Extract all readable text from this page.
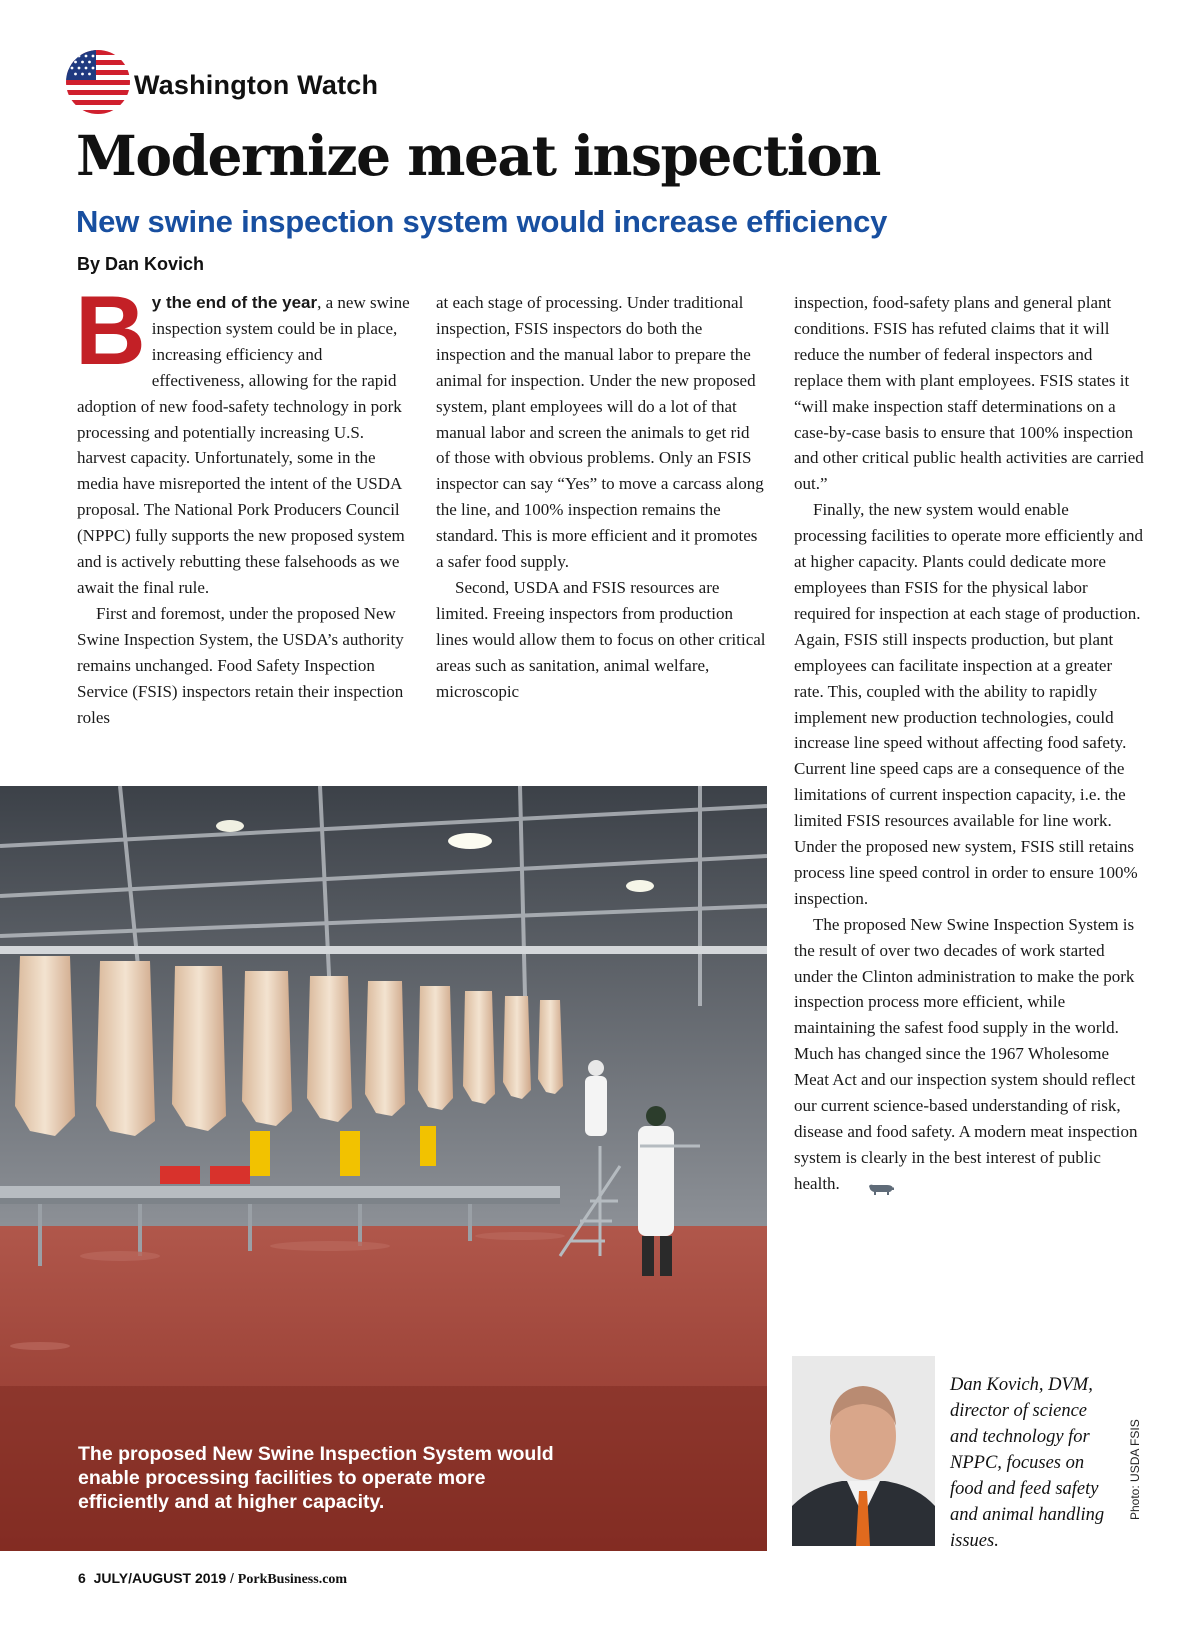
Washington Watch
Modernize meat inspection
New swine inspection system would increase efficiency
By Dan Kovich

By the end of the year, a new swine inspection system could be in place, increasing efficiency and effectiveness, allowing for the rapid adoption of new food-safety technology in pork processing and potentially increasing U.S. harvest capacity. Unfortunately, some in the media have misreported the intent of the USDA proposal. The National Pork Producers Council (NPPC) fully supports the new proposed system and is actively rebutting these falsehoods as we await the final rule.

First and foremost, under the proposed New Swine Inspection System, the USDA’s authority remains unchanged. Food Safety Inspection Service (FSIS) inspectors retain their inspection roles

at each stage of processing. Under traditional inspection, FSIS inspectors do both the inspection and the manual labor to prepare the animal for inspection. Under the new proposed system, plant employees will do a lot of that manual labor and screen the animals to get rid of those with obvious problems. Only an FSIS inspector can say “Yes” to move a carcass along the line, and 100% inspection remains the standard. This is more efficient and it promotes a safer food supply.

Second, USDA and FSIS resources are limited. Freeing inspectors from production lines would allow them to focus on other critical areas such as sanitation, animal welfare, microscopic

inspection, food-safety plans and general plant conditions. FSIS has refuted claims that it will reduce the number of federal inspectors and replace them with plant employees. FSIS states it “will make inspection staff determinations on a case-by-case basis to ensure that 100% inspection and other critical public health activities are carried out.”

Finally, the new system would enable processing facilities to operate more efficiently and at higher capacity. Plants could dedicate more employees than FSIS for the physical labor required for inspection at each stage of production. Again, FSIS still inspects production, but plant employees can facilitate inspection at a greater rate. This, coupled with the ability to rapidly implement new production technologies, could increase line speed without affecting food safety. Current line speed caps are a consequence of the limitations of current inspection capacity, i.e. the limited FSIS resources available for line work. Under the proposed new system, FSIS still retains process line speed control in order to ensure 100% inspection.

The proposed New Swine Inspection System is the result of over two decades of work started under the Clinton administration to make the pork inspection process more efficient, while maintaining the safest food supply in the world. Much has changed since the 1967 Wholesome Meat Act and our inspection system should reflect our current science-based understanding of risk, disease and food safety. A modern meat inspection system is clearly in the best interest of public health.

The proposed New Swine Inspection System would enable processing facilities to operate more efficiently and at higher capacity.
Dan Kovich, DVM, director of science and technology for NPPC, focuses on food and feed safety and animal handling issues.
Photo: USDA FSIS
6 JULY/AUGUST 2019 / PorkBusiness.com
